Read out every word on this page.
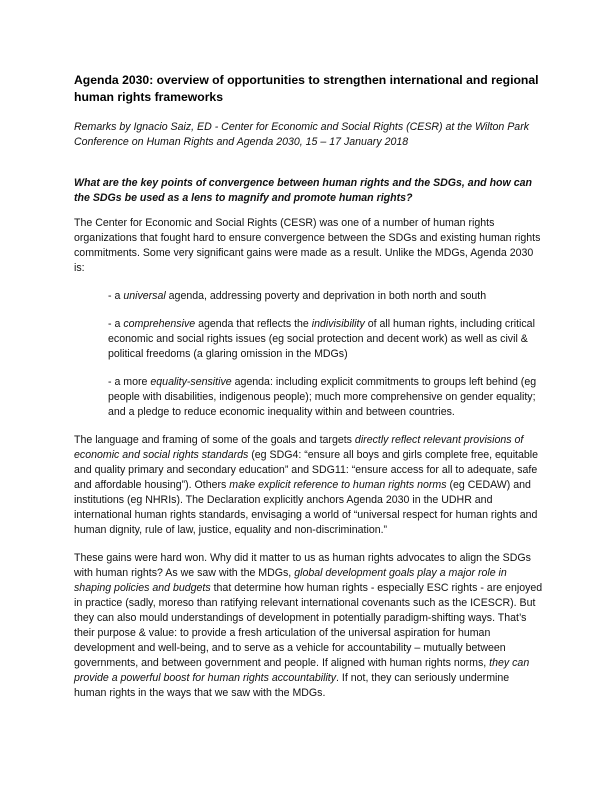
Agenda 2030: overview of opportunities to strengthen international and regional human rights frameworks
Remarks by Ignacio Saiz, ED - Center for Economic and Social Rights (CESR) at the Wilton Park Conference on Human Rights and Agenda 2030, 15 – 17 January 2018
What are the key points of convergence between human rights and the SDGs, and how can the SDGs be used as a lens to magnify and promote human rights?

The Center for Economic and Social Rights (CESR) was one of a number of human rights organizations that fought hard to ensure convergence between the SDGs and existing human rights commitments. Some very significant gains were made as a result. Unlike the MDGs, Agenda 2030 is:

- a universal agenda, addressing poverty and deprivation in both north and south
- a comprehensive agenda that reflects the indivisibility of all human rights, including critical economic and social rights issues (eg social protection and decent work) as well as civil & political freedoms (a glaring omission in the MDGs)
- a more equality-sensitive agenda: including explicit commitments to groups left behind (eg people with disabilities, indigenous people); much more comprehensive on gender equality; and a pledge to reduce economic inequality within and between countries.

The language and framing of some of the goals and targets directly reflect relevant provisions of economic and social rights standards (eg SDG4: “ensure all boys and girls complete free, equitable and quality primary and secondary education” and SDG11: “ensure access for all to adequate, safe and affordable housing”). Others make explicit reference to human rights norms (eg CEDAW) and institutions (eg NHRIs). The Declaration explicitly anchors Agenda 2030 in the UDHR and international human rights standards, envisaging a world of “universal respect for human rights and human dignity, rule of law, justice, equality and non-discrimination.”

These gains were hard won. Why did it matter to us as human rights advocates to align the SDGs with human rights? As we saw with the MDGs, global development goals play a major role in shaping policies and budgets that determine how human rights - especially ESC rights - are enjoyed in practice (sadly, moreso than ratifying relevant international covenants such as the ICESCR). But they can also mould understandings of development in potentially paradigm-shifting ways. That’s their purpose & value: to provide a fresh articulation of the universal aspiration for human development and well-being, and to serve as a vehicle for accountability – mutually between governments, and between government and people. If aligned with human rights norms, they can provide a powerful boost for human rights accountability. If not, they can seriously undermine human rights in the ways that we saw with the MDGs.
